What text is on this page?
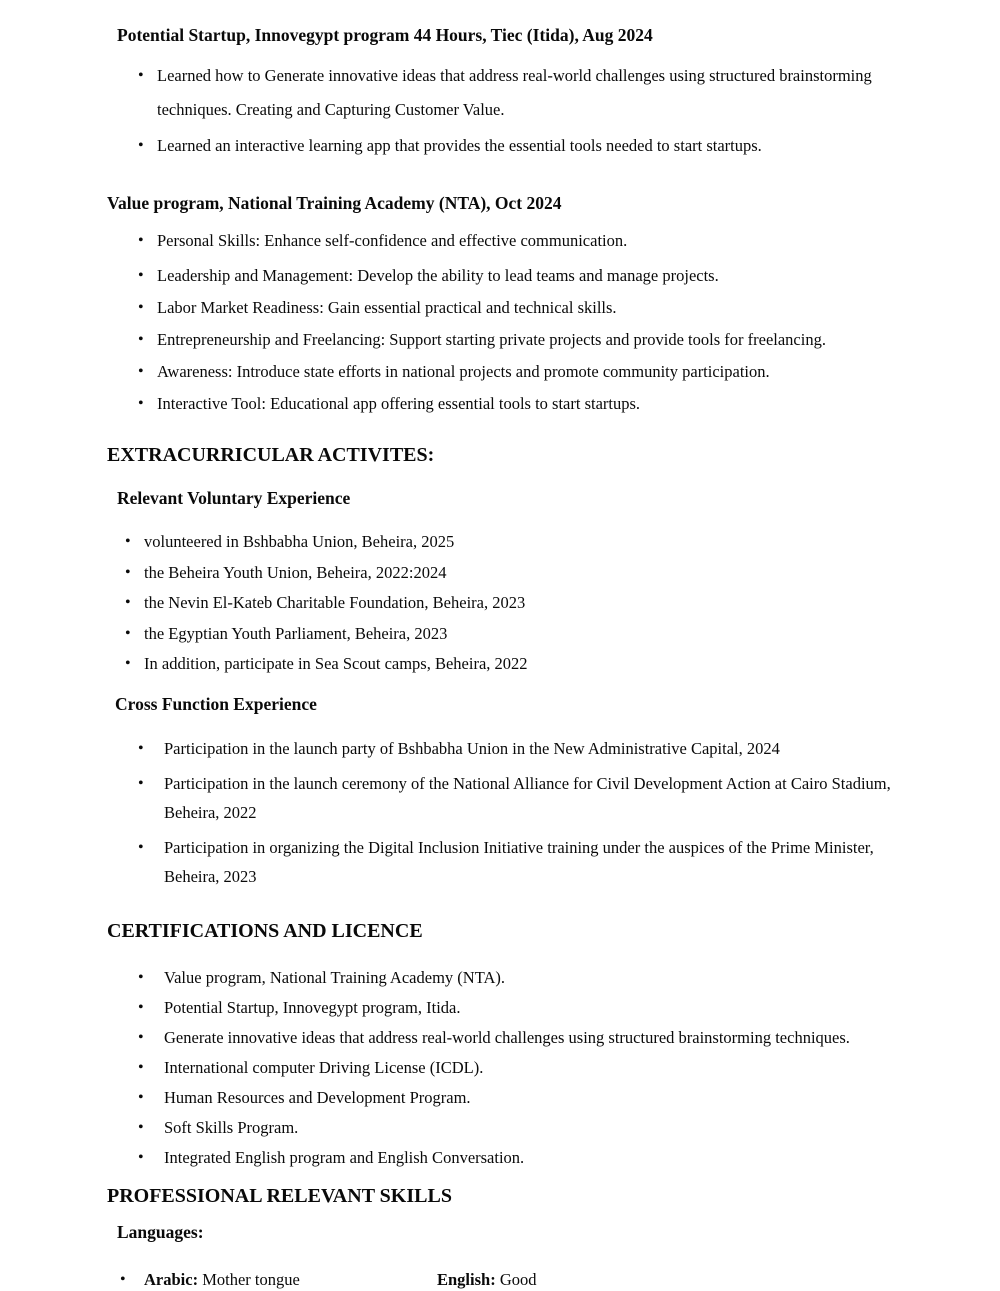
Potential Startup, Innovegypt program 44 Hours, Tiec (Itida), Aug 2024
• Learned how to Generate innovative ideas that address real-world challenges using structured brainstorming techniques. Creating and Capturing Customer Value.
• Learned an interactive learning app that provides the essential tools needed to start startups.
Value program, National Training Academy (NTA), Oct 2024
• Personal Skills: Enhance self-confidence and effective communication.
• Leadership and Management: Develop the ability to lead teams and manage projects.
• Labor Market Readiness: Gain essential practical and technical skills.
• Entrepreneurship and Freelancing: Support starting private projects and provide tools for freelancing.
• Awareness: Introduce state efforts in national projects and promote community participation.
• Interactive Tool: Educational app offering essential tools to start startups.
EXTRACURRICULAR ACTIVITES:
Relevant Voluntary Experience
• volunteered in Bshbabha Union, Beheira, 2025
• the Beheira Youth Union, Beheira, 2022:2024
• the Nevin El-Kateb Charitable Foundation, Beheira, 2023
• the Egyptian Youth Parliament, Beheira, 2023
• In addition, participate in Sea Scout camps, Beheira, 2022
Cross Function Experience
• Participation in the launch party of Bshbabha Union in the New Administrative Capital, 2024
• Participation in the launch ceremony of the National Alliance for Civil Development Action at Cairo Stadium, Beheira, 2022
• Participation in organizing the Digital Inclusion Initiative training under the auspices of the Prime Minister, Beheira, 2023
CERTIFICATIONS AND LICENCE
• Value program, National Training Academy (NTA).
• Potential Startup, Innovegypt program, Itida.
• Generate innovative ideas that address real-world challenges using structured brainstorming techniques.
• International computer Driving License (ICDL).
• Human Resources and Development Program.
• Soft Skills Program.
• Integrated English program and English Conversation.
PROFESSIONAL RELEVANT SKILLS
Languages:
• Arabic: Mother tongue	English: Good
